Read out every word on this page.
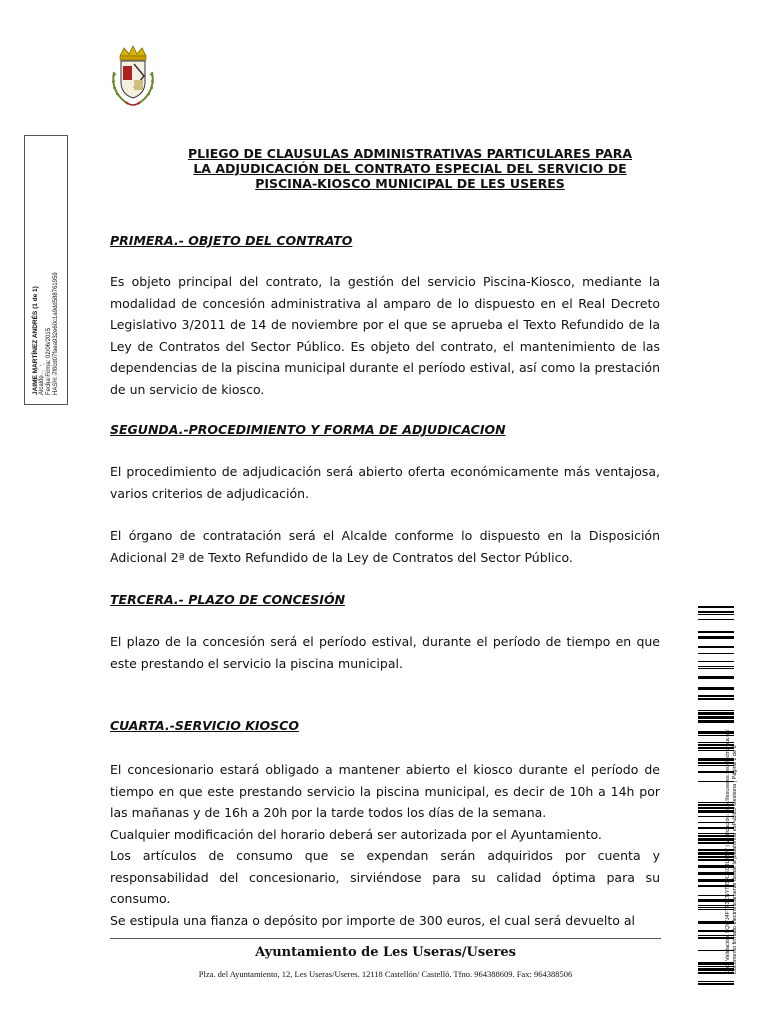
JAIME MARTÍNEZ ANDRÉS (1 de 1) Alcalde Fecha Firma: 02/06/2015 HASH: 7f0cd07faea932e60c1a9dd588761959
PLIEGO DE CLAUSULAS ADMINISTRATIVAS PARTICULARES PARA
LA ADJUDICACIÓN DEL CONTRATO ESPECIAL DEL SERVICIO DE
PISCINA-KIOSCO MUNICIPAL DE LES USERES
PRIMERA.- OBJETO DEL CONTRATO

Es objeto principal del contrato, la gestión del servicio Piscina-Kiosco, mediante la modalidad de concesión administrativa al amparo de lo dispuesto en el Real Decreto Legislativo 3/2011 de 14 de noviembre por el que se aprueba el Texto Refundido de la Ley de Contratos del Sector Público. Es objeto del contrato, el mantenimiento de las dependencias de la piscina municipal durante el período estival, así como la prestación de un servicio de kiosco.

SEGUNDA.-PROCEDIMIENTO Y FORMA DE ADJUDICACION

El procedimiento de adjudicación será abierto oferta económicamente más ventajosa, varios criterios de adjudicación.

El órgano de contratación será el Alcalde conforme lo dispuesto en la Disposición Adicional 2ª de Texto Refundido de la Ley de Contratos del Sector Público.

TERCERA.- PLAZO DE CONCESIÓN

El plazo de la concesión será el período estival, durante el período de tiempo en que este prestando el servicio la piscina municipal.

CUARTA.-SERVICIO KIOSCO

El concesionario estará obligado a mantener abierto el kiosco durante el período de tiempo en que este prestando servicio la piscina municipal, es decir de 10h a 14h por las mañanas y de 16h a 20h por la tarde todos los días de la semana.

Cualquier modificación del horario deberá ser autorizada por el Ayuntamiento.

Los artículos de consumo que se expendan serán adquiridos por cuenta y responsabilidad del concesionario, sirviéndose para su calidad óptima para su consumo.

Se estipula una fianza o depósito por importe de 300 euros, el cual será devuelto al

Ayuntamiento de Les Useras/Useres
Plza. del Ayuntamiento, 12, Les Useras/Useres. 12118 Castellón/ Castelló. Tfno. 964388609. Fax: 964388506	Cód. Validación: 5QWJ4FTF3CNYTJ5RJKCJL2897 | Verificación: http://lesuseres.sedelectronica.es/ Documento firmado electrónicamente desde la plataforma esPublico Gestiona | Página 1 de 6
